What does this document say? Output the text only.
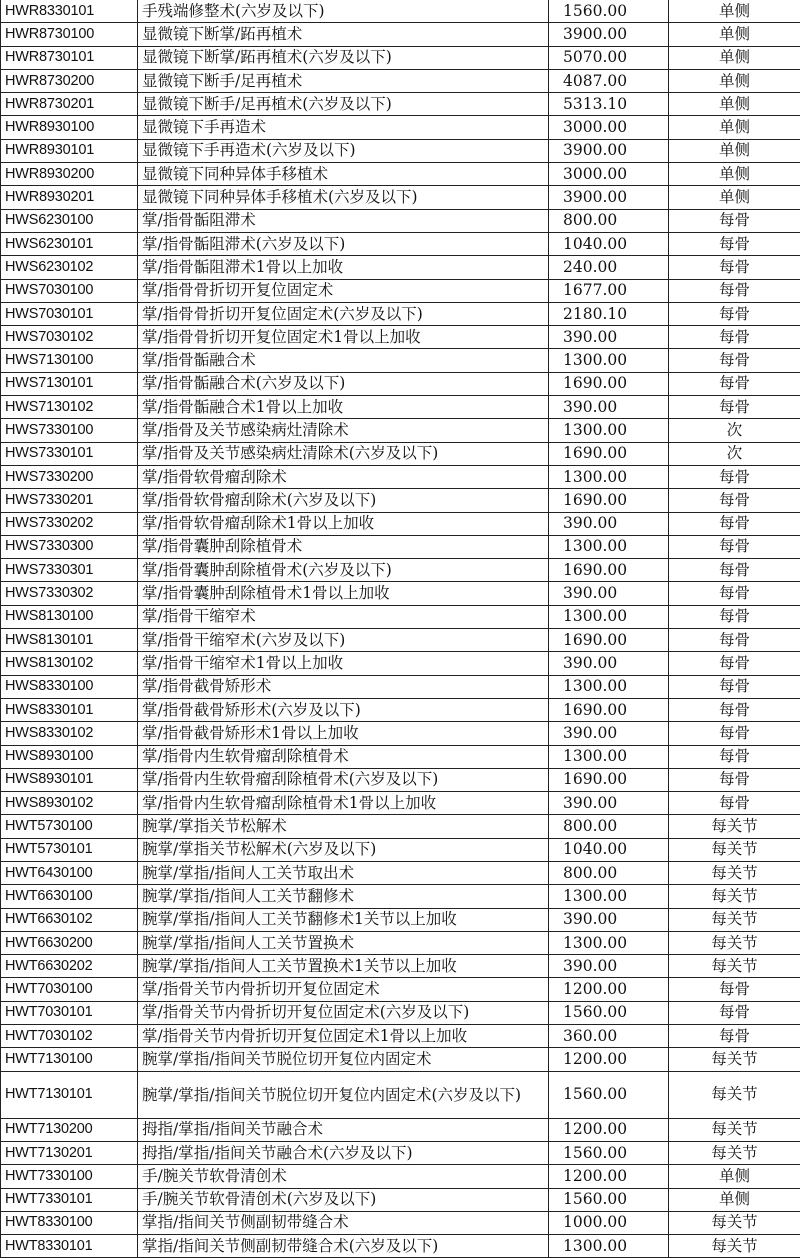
HWR8330101	手残端修整术(六岁及以下)	1560.00	单侧
HWR8730100	显微镜下断掌/跖再植术	3900.00	单侧
HWR8730101	显微镜下断掌/跖再植术(六岁及以下)	5070.00	单侧
HWR8730200	显微镜下断手/足再植术	4087.00	单侧
HWR8730201	显微镜下断手/足再植术(六岁及以下)	5313.10	单侧
HWR8930100	显微镜下手再造术	3000.00	单侧
HWR8930101	显微镜下手再造术(六岁及以下)	3900.00	单侧
HWR8930200	显微镜下同种异体手移植术	3000.00	单侧
HWR8930201	显微镜下同种异体手移植术(六岁及以下)	3900.00	单侧
HWS6230100	掌/指骨骺阻滞术	800.00	每骨
HWS6230101	掌/指骨骺阻滞术(六岁及以下)	1040.00	每骨
HWS6230102	掌/指骨骺阻滞术1骨以上加收	240.00	每骨
HWS7030100	掌/指骨骨折切开复位固定术	1677.00	每骨
HWS7030101	掌/指骨骨折切开复位固定术(六岁及以下)	2180.10	每骨
HWS7030102	掌/指骨骨折切开复位固定术1骨以上加收	390.00	每骨
HWS7130100	掌/指骨骺融合术	1300.00	每骨
HWS7130101	掌/指骨骺融合术(六岁及以下)	1690.00	每骨
HWS7130102	掌/指骨骺融合术1骨以上加收	390.00	每骨
HWS7330100	掌/指骨及关节感染病灶清除术	1300.00	次
HWS7330101	掌/指骨及关节感染病灶清除术(六岁及以下)	1690.00	次
HWS7330200	掌/指骨软骨瘤刮除术	1300.00	每骨
HWS7330201	掌/指骨软骨瘤刮除术(六岁及以下)	1690.00	每骨
HWS7330202	掌/指骨软骨瘤刮除术1骨以上加收	390.00	每骨
HWS7330300	掌/指骨囊肿刮除植骨术	1300.00	每骨
HWS7330301	掌/指骨囊肿刮除植骨术(六岁及以下)	1690.00	每骨
HWS7330302	掌/指骨囊肿刮除植骨术1骨以上加收	390.00	每骨
HWS8130100	掌/指骨干缩窄术	1300.00	每骨
HWS8130101	掌/指骨干缩窄术(六岁及以下)	1690.00	每骨
HWS8130102	掌/指骨干缩窄术1骨以上加收	390.00	每骨
HWS8330100	掌/指骨截骨矫形术	1300.00	每骨
HWS8330101	掌/指骨截骨矫形术(六岁及以下)	1690.00	每骨
HWS8330102	掌/指骨截骨矫形术1骨以上加收	390.00	每骨
HWS8930100	掌/指骨内生软骨瘤刮除植骨术	1300.00	每骨
HWS8930101	掌/指骨内生软骨瘤刮除植骨术(六岁及以下)	1690.00	每骨
HWS8930102	掌/指骨内生软骨瘤刮除植骨术1骨以上加收	390.00	每骨
HWT5730100	腕掌/掌指关节松解术	800.00	每关节
HWT5730101	腕掌/掌指关节松解术(六岁及以下)	1040.00	每关节
HWT6430100	腕掌/掌指/指间人工关节取出术	800.00	每关节
HWT6630100	腕掌/掌指/指间人工关节翻修术	1300.00	每关节
HWT6630102	腕掌/掌指/指间人工关节翻修术1关节以上加收	390.00	每关节
HWT6630200	腕掌/掌指/指间人工关节置换术	1300.00	每关节
HWT6630202	腕掌/掌指/指间人工关节置换术1关节以上加收	390.00	每关节
HWT7030100	掌/指骨关节内骨折切开复位固定术	1200.00	每骨
HWT7030101	掌/指骨关节内骨折切开复位固定术(六岁及以下)	1560.00	每骨
HWT7030102	掌/指骨关节内骨折切开复位固定术1骨以上加收	360.00	每骨
HWT7130100	腕掌/掌指/指间关节脱位切开复位内固定术	1200.00	每关节
HWT7130101	腕掌/掌指/指间关节脱位切开复位内固定术(六岁及以下)	1560.00	每关节
HWT7130200	拇指/掌指/指间关节融合术	1200.00	每关节
HWT7130201	拇指/掌指/指间关节融合术(六岁及以下)	1560.00	每关节
HWT7330100	手/腕关节软骨清创术	1200.00	单侧
HWT7330101	手/腕关节软骨清创术(六岁及以下)	1560.00	单侧
HWT8330100	掌指/指间关节侧副韧带缝合术	1000.00	每关节
HWT8330101	掌指/指间关节侧副韧带缝合术(六岁及以下)	1300.00	每关节
